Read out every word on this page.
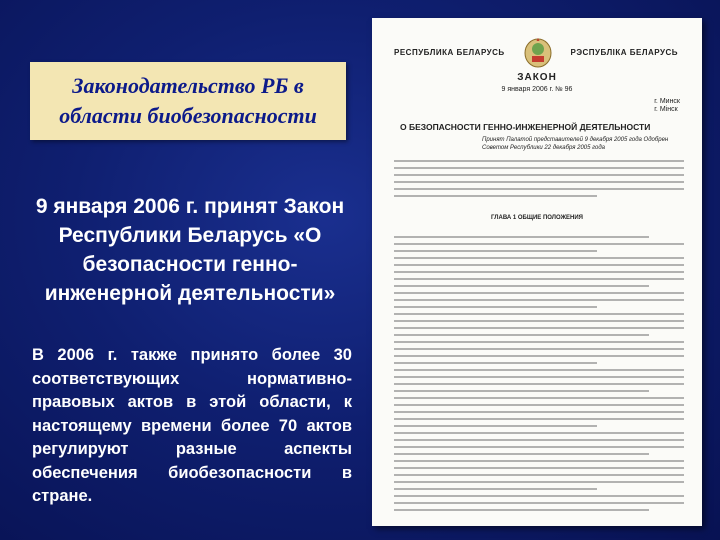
Законодательство РБ в области биобезопасности
9 января 2006 г. принят Закон Республики Беларусь «О безопасности генно-инженерной деятельности»
В 2006 г. также принято более 30 соответствующих нормативно-правовых актов в этой области, к настоящему времени более 70 актов регулируют разные аспекты обеспечения биобезопасности в стране.
РЕСПУБЛИКА БЕЛАРУСЬ	РЭСПУБЛІКА БЕЛАРУСЬ
ЗАКОН
9 января 2006 г. № 96
г. Минск
г. Мінск
О БЕЗОПАСНОСТИ ГЕННО-ИНЖЕНЕРНОЙ ДЕЯТЕЛЬНОСТИ
Принят Палатой представителей 9 декабря 2005 года Одобрен Советом Республики 22 декабря 2005 года
ГЛАВА 1 ОБЩИЕ ПОЛОЖЕНИЯ
